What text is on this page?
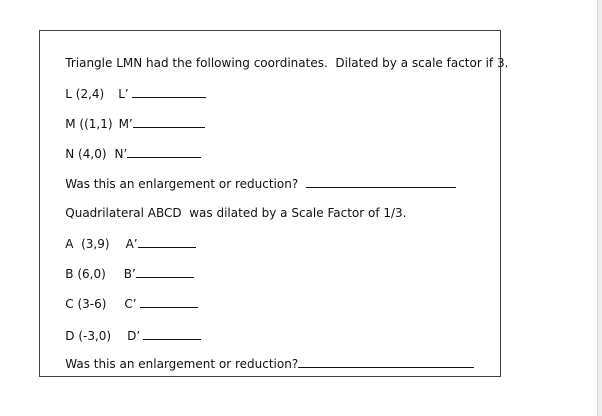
Triangle LMN had the following coordinates.  Dilated by a scale factor if 3.

L (2,4) L’

M ((1,1) M’

N (4,0) N’

Was this an enlargement or reduction?

Quadrilateral ABCD  was dilated by a Scale Factor of 1/3.

A  (3,9) A’

B (6,0) B’

C (3-6) C’

D (-3,0) D’

Was this an enlargement or reduction?
